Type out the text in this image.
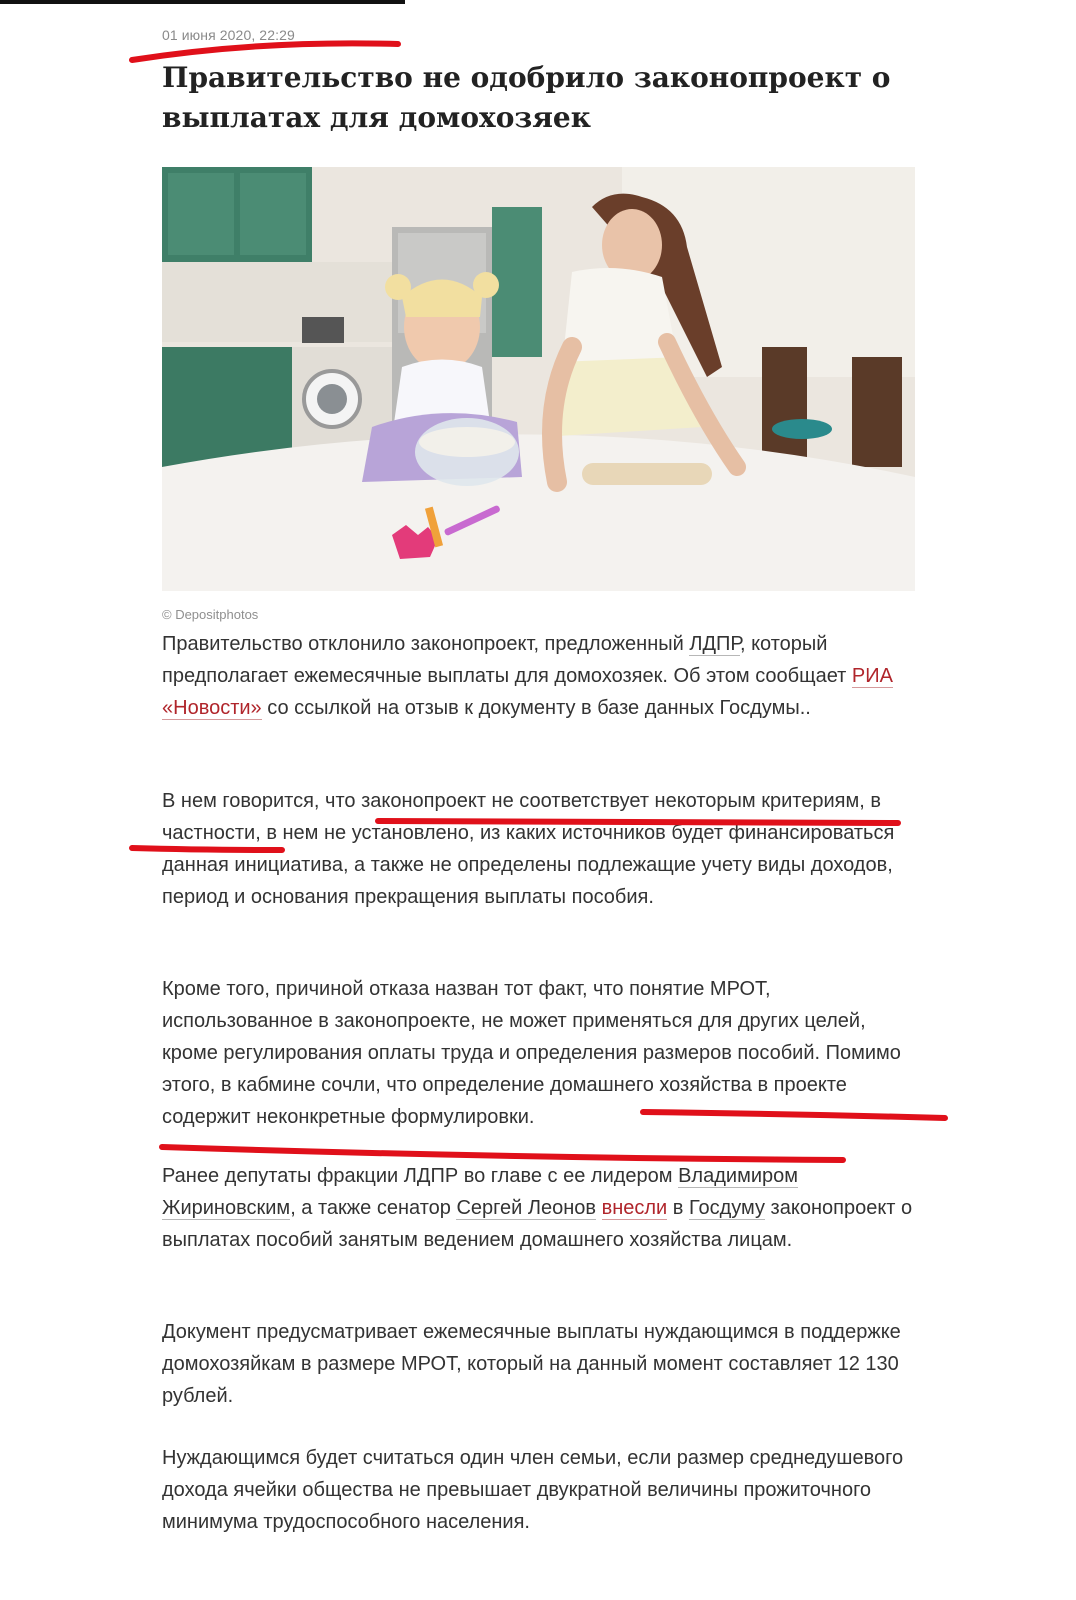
01 июня 2020, 22:29
Правительство не одобрило законопроект о выплатах для домохозяек
© Depositphotos

Правительство отклонило законопроект, предложенный ЛДПР, который предполагает ежемесячные выплаты для домохозяек. Об этом сообщает РИА «Новости» со ссылкой на отзыв к документу в базе данных Госдумы..

В нем говорится, что законопроект не соответствует некоторым критериям, в частности, в нем не установлено, из каких источников будет финансироваться данная инициатива, а также не определены подлежащие учету виды доходов, период и основания прекращения выплаты пособия.

Кроме того, причиной отказа назван тот факт, что понятие МРОТ, использованное в законопроекте, не может применяться для других целей, кроме регулирования оплаты труда и определения размеров пособий. Помимо этого, в кабмине сочли, что определение домашнего хозяйства в проекте содержит неконкретные формулировки.

Ранее депутаты фракции ЛДПР во главе с ее лидером Владимиром Жириновским, а также сенатор Сергей Леонов внесли в Госдуму законопроект о выплатах пособий занятым ведением домашнего хозяйства лицам.

Документ предусматривает ежемесячные выплаты нуждающимся в поддержке домохозяйкам в размере МРОТ, который на данный момент составляет 12 130 рублей.

Нуждающимся будет считаться один член семьи, если размер среднедушевого дохода ячейки общества не превышает двукратной величины прожиточного минимума трудоспособного населения.
